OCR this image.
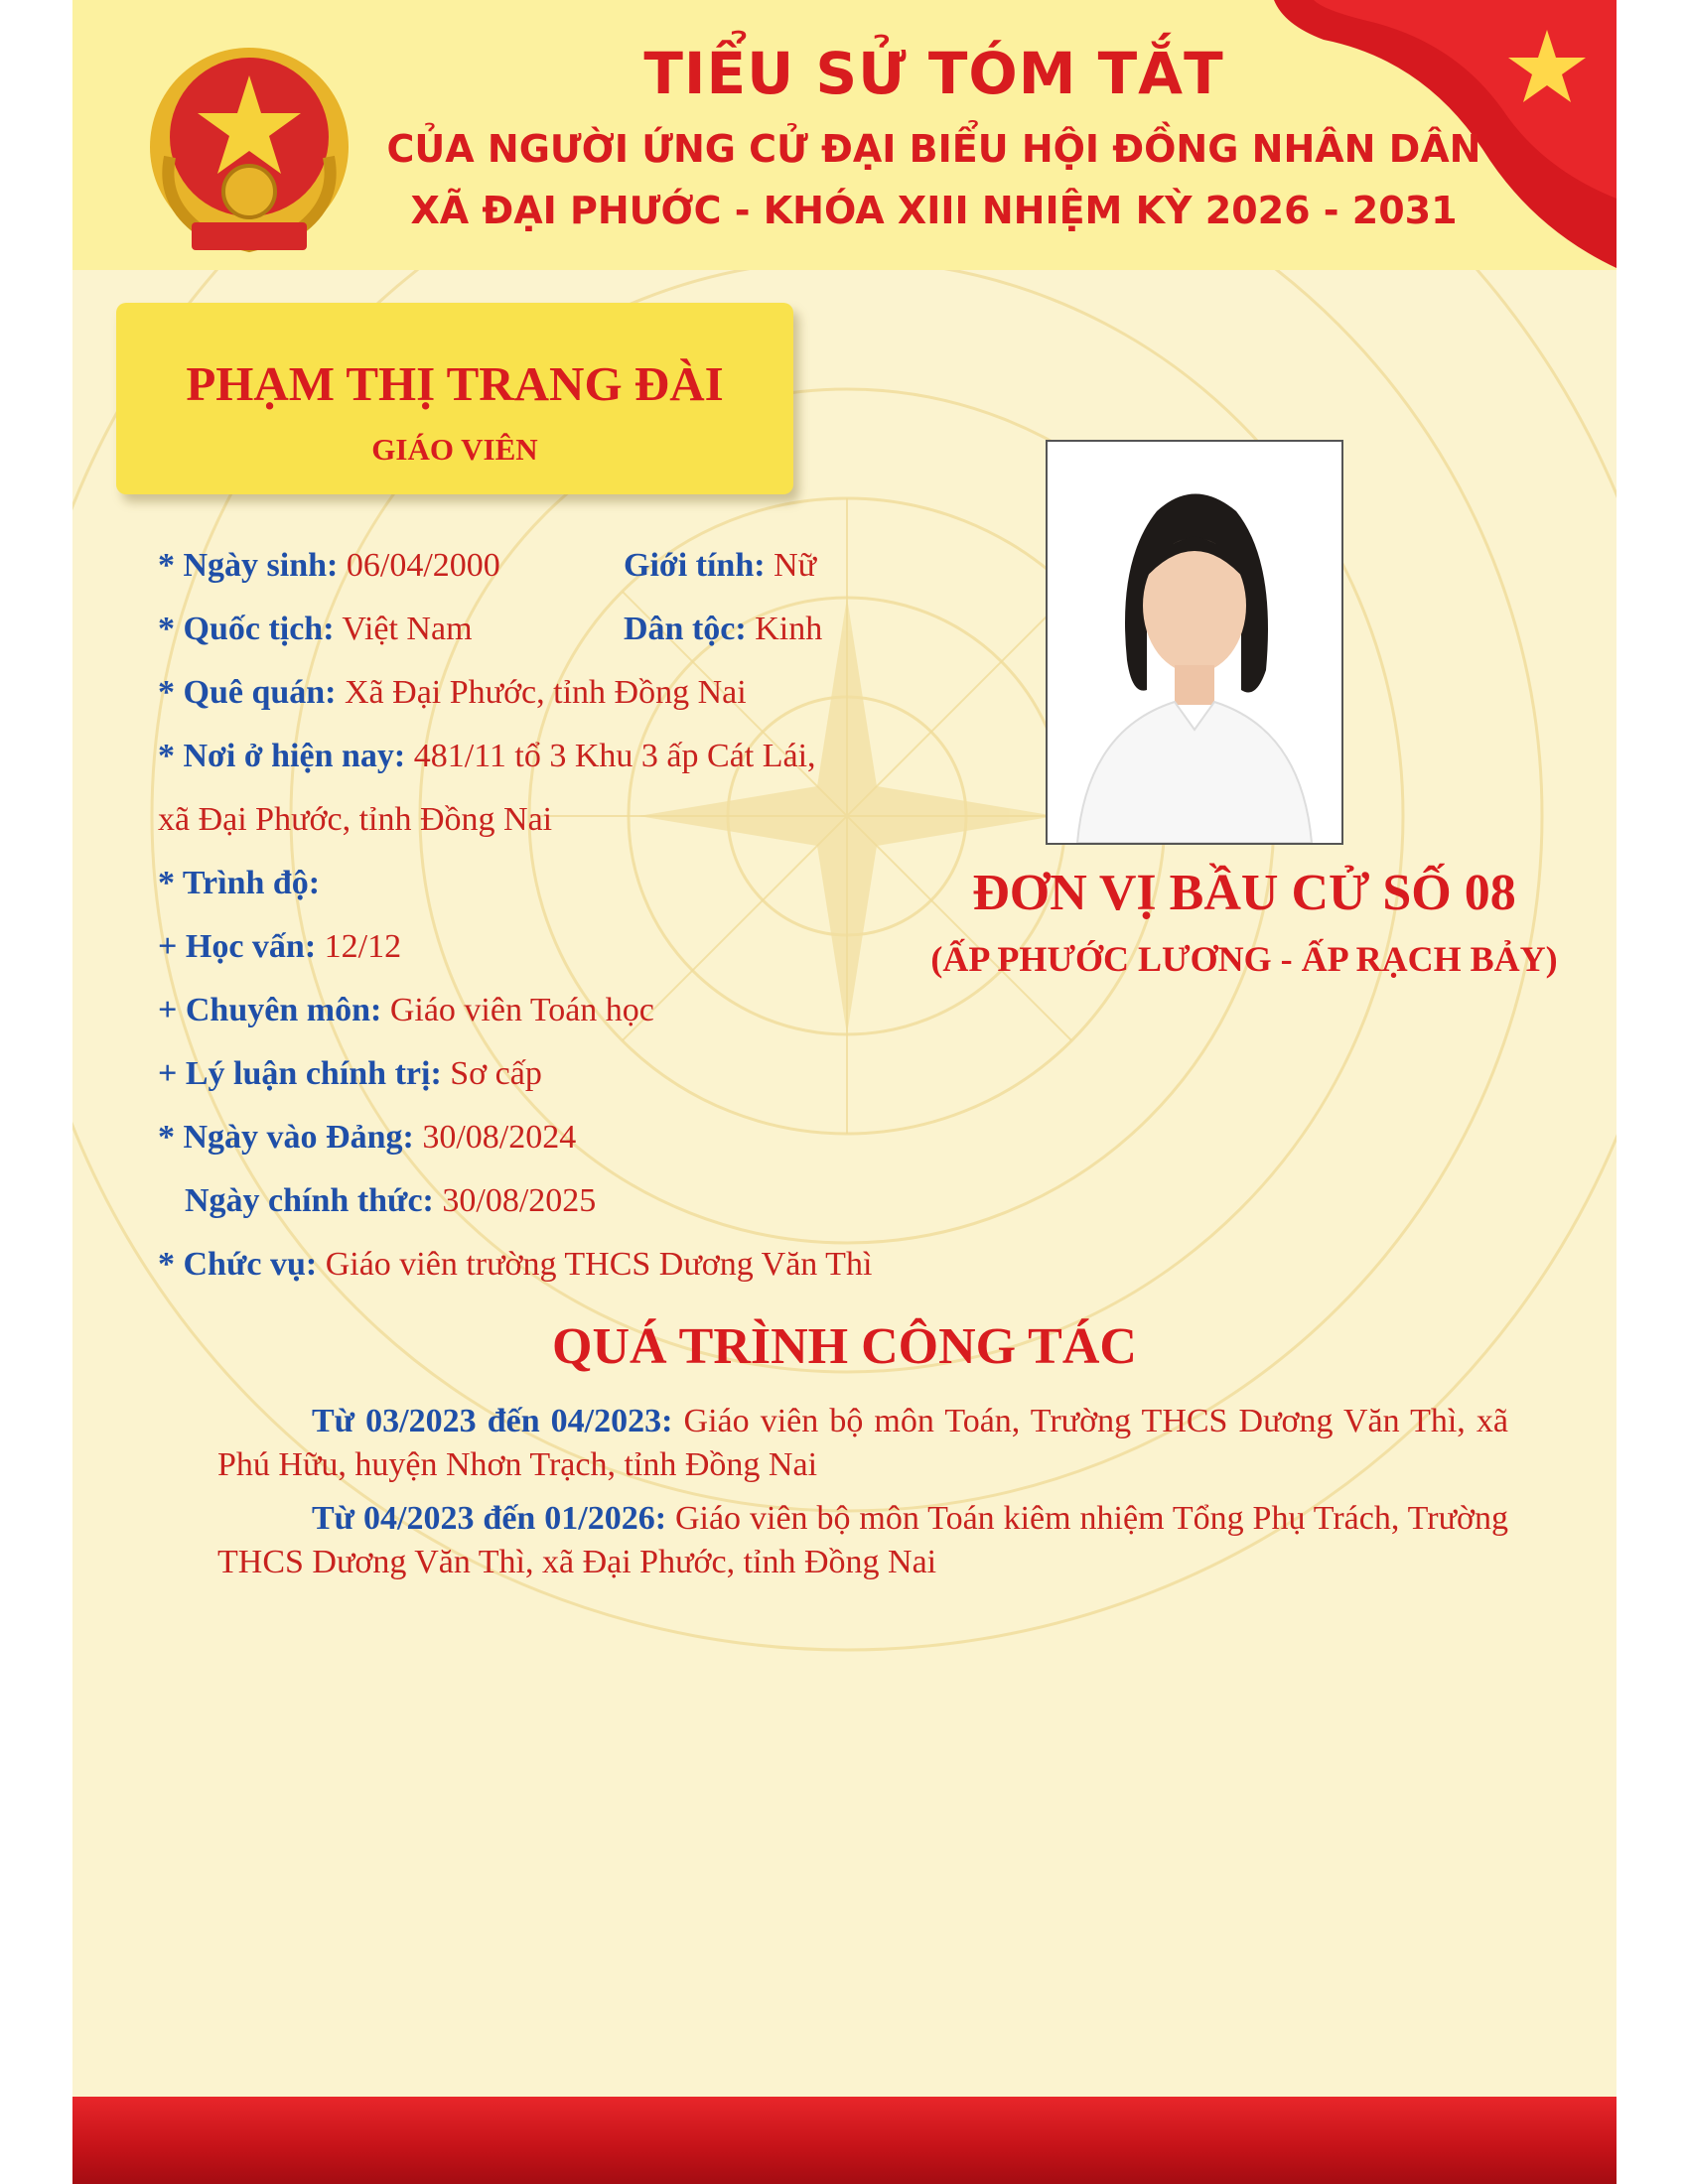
TIỂU SỬ TÓM TẮT
CỦA NGƯỜI ỨNG CỬ ĐẠI BIỂU HỘI ĐỒNG NHÂN DÂN
XÃ ĐẠI PHƯỚC - KHÓA XIII NHIỆM KỲ 2026 - 2031
PHẠM THỊ TRANG ĐÀI
GIÁO VIÊN
* Ngày sinh: 06/04/2000	Giới tính: Nữ
* Quốc tịch: Việt Nam	Dân tộc: Kinh
* Quê quán: Xã Đại Phước, tỉnh Đồng Nai
* Nơi ở hiện nay: 481/11 tổ 3 Khu 3 ấp Cát Lái,
xã Đại Phước, tỉnh Đồng Nai
* Trình độ:
+ Học vấn: 12/12
+ Chuyên môn: Giáo viên Toán học
+ Lý luận chính trị: Sơ cấp
* Ngày vào Đảng: 30/08/2024
Ngày chính thức: 30/08/2025
* Chức vụ: Giáo viên trường THCS Dương Văn Thì
ĐƠN VỊ BẦU CỬ SỐ 08
(ẤP PHƯỚC LƯƠNG - ẤP RẠCH BẢY)
QUÁ TRÌNH CÔNG TÁC
Từ 03/2023 đến 04/2023: Giáo viên bộ môn Toán, Trường THCS Dương Văn Thì, xã Phú Hữu, huyện Nhơn Trạch, tỉnh Đồng Nai
Từ 04/2023 đến 01/2026: Giáo viên bộ môn Toán kiêm nhiệm Tổng Phụ Trách, Trường THCS Dương Văn Thì, xã Đại Phước, tỉnh Đồng Nai
